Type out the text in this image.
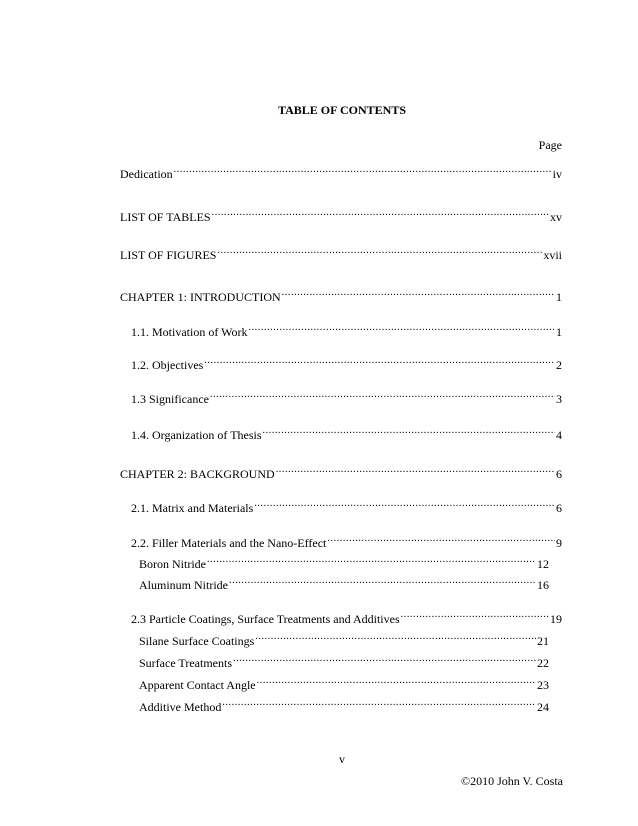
TABLE OF CONTENTS
Page
Dedication .....	iv
LIST OF TABLES .....	xv
LIST OF FIGURES .....	xvii
CHAPTER 1: INTRODUCTION .....	1
1.1. Motivation of Work .....	1
1.2. Objectives .....	2
1.3 Significance .....	3
1.4. Organization of Thesis .....	4
CHAPTER 2: BACKGROUND .....	6
2.1. Matrix and Materials .....	6
2.2. Filler Materials and the Nano-Effect .....	9
Boron Nitride .....	12
Aluminum Nitride .....	16
2.3 Particle Coatings, Surface Treatments and Additives .....	19
Silane Surface Coatings .....	21
Surface Treatments .....	22
Apparent Contact Angle .....	23
Additive Method .....	24
v
©2010 John V. Costa
